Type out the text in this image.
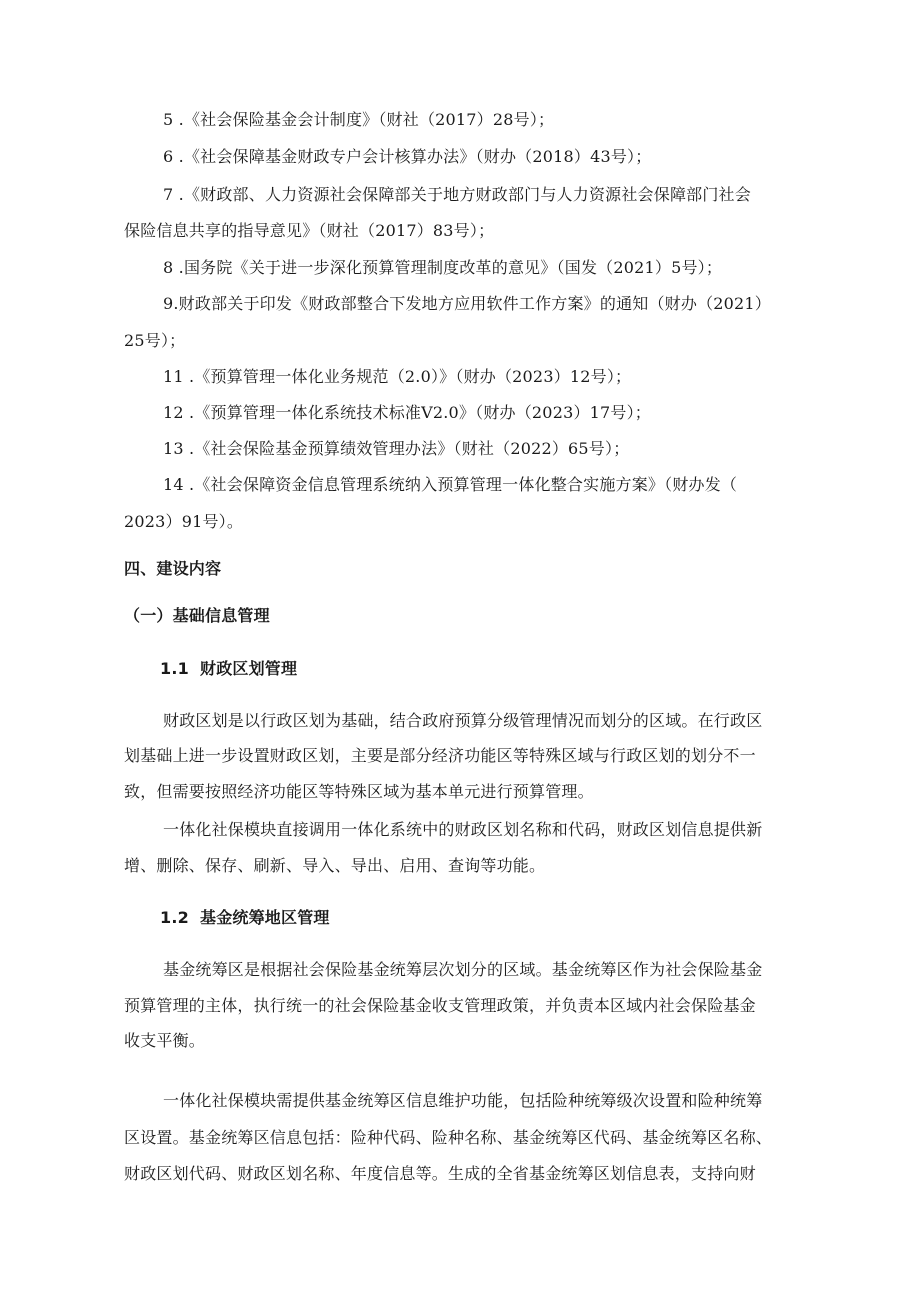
5 .《社会保险基金会计制度》（财社（2017）28号）；
6 .《社会保障基金财政专户会计核算办法》（财办（2018）43号）；
7 .《财政部、人力资源社会保障部关于地方财政部门与人力资源社会保障部门社会
保险信息共享的指导意见》（财社（2017）83号）；
8 .国务院《关于进一步深化预算管理制度改革的意见》（国发（2021）5号）；
9.财政部关于印发《财政部整合下发地方应用软件工作方案》的通知（财办（2021）
25号）；
11 .《预算管理一体化业务规范（2.0）》（财办（2023）12号）；
12 .《预算管理一体化系统技术标准V2.0》（财办（2023）17号）；
13 .《社会保险基金预算绩效管理办法》（财社（2022）65号）；
14 .《社会保障资金信息管理系统纳入预算管理一体化整合实施方案》（财办发（
2023）91号）。
四、建设内容
（一）基础信息管理
1.1 财政区划管理
财政区划是以行政区划为基础，结合政府预算分级管理情况而划分的区域。在行政区
划基础上进一步设置财政区划，主要是部分经济功能区等特殊区域与行政区划的划分不一
致，但需要按照经济功能区等特殊区域为基本单元进行预算管理。
一体化社保模块直接调用一体化系统中的财政区划名称和代码，财政区划信息提供新
增、删除、保存、刷新、导入、导出、启用、查询等功能。
1.2 基金统筹地区管理
基金统筹区是根据社会保险基金统筹层次划分的区域。基金统筹区作为社会保险基金
预算管理的主体，执行统一的社会保险基金收支管理政策，并负责本区域内社会保险基金
收支平衡。
一体化社保模块需提供基金统筹区信息维护功能，包括险种统筹级次设置和险种统筹
区设置。基金统筹区信息包括：险种代码、险种名称、基金统筹区代码、基金统筹区名称、
财政区划代码、财政区划名称、年度信息等。生成的全省基金统筹区划信息表，支持向财
